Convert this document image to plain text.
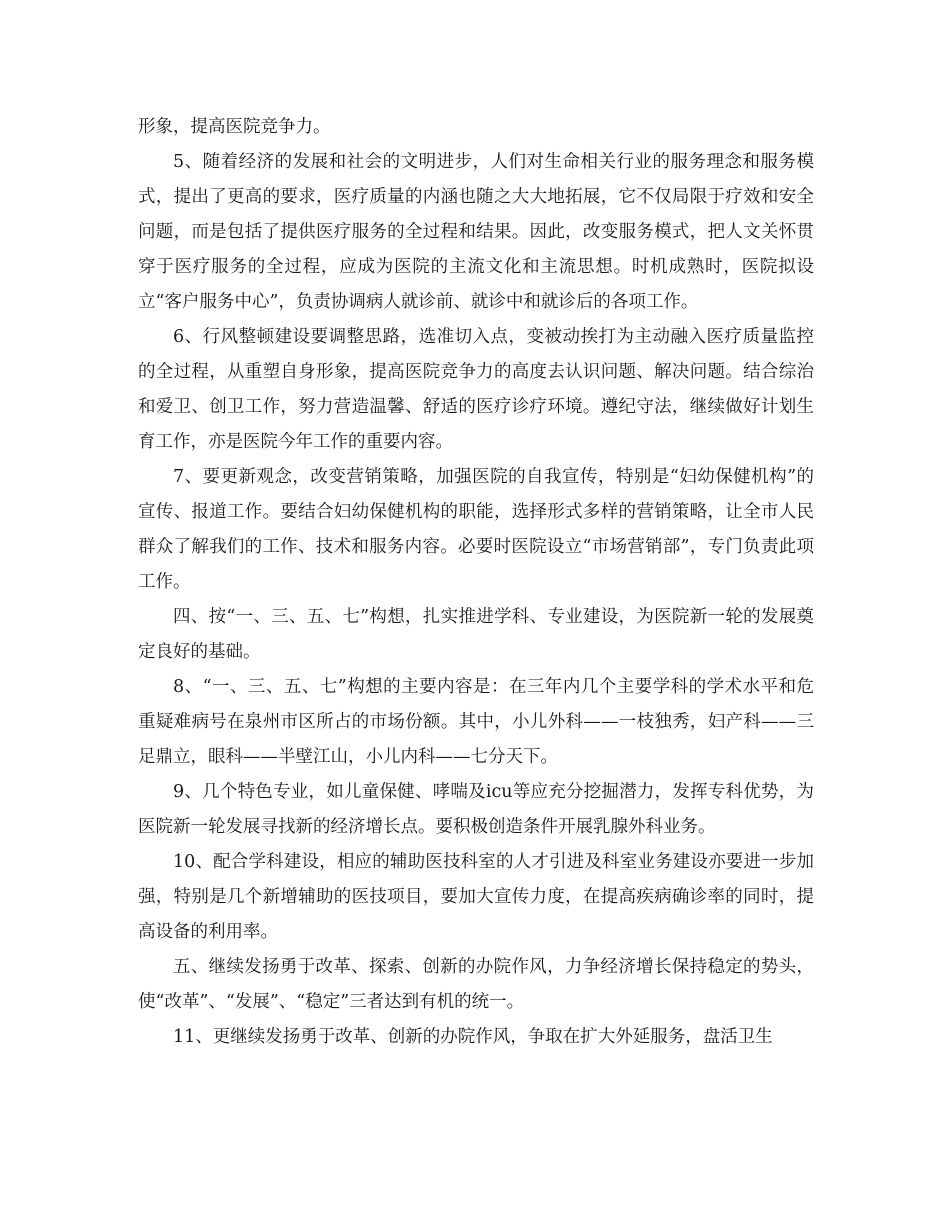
形象，提高医院竞争力。

5、随着经济的发展和社会的文明进步，人们对生命相关行业的服务理念和服务模式，提出了更高的要求，医疗质量的内涵也随之大大地拓展，它不仅局限于疗效和安全问题，而是包括了提供医疗服务的全过程和结果。因此，改变服务模式，把人文关怀贯穿于医疗服务的全过程，应成为医院的主流文化和主流思想。时机成熟时，医院拟设立“客户服务中心”，负责协调病人就诊前、就诊中和就诊后的各项工作。

6、行风整顿建设要调整思路，选准切入点，变被动挨打为主动融入医疗质量监控的全过程，从重塑自身形象，提高医院竞争力的高度去认识问题、解决问题。结合综治和爱卫、创卫工作，努力营造温馨、舒适的医疗诊疗环境。遵纪守法，继续做好计划生育工作，亦是医院今年工作的重要内容。

7、要更新观念，改变营销策略，加强医院的自我宣传，特别是“妇幼保健机构”的宣传、报道工作。要结合妇幼保健机构的职能，选择形式多样的营销策略，让全市人民群众了解我们的工作、技术和服务内容。必要时医院设立“市场营销部”，专门负责此项工作。

四、按“一、三、五、七”构想，扎实推进学科、专业建设，为医院新一轮的发展奠定良好的基础。

8、“一、三、五、七”构想的主要内容是：在三年内几个主要学科的学术水平和危重疑难病号在泉州市区所占的市场份额。其中，小儿外科——一枝独秀，妇产科——三足鼎立，眼科——半壁江山，小儿内科——七分天下。

9、几个特色专业，如儿童保健、哮喘及icu等应充分挖掘潜力，发挥专科优势，为医院新一轮发展寻找新的经济增长点。要积极创造条件开展乳腺外科业务。

10、配合学科建设，相应的辅助医技科室的人才引进及科室业务建设亦要进一步加强，特别是几个新增辅助的医技项目，要加大宣传力度，在提高疾病确诊率的同时，提高设备的利用率。

五、继续发扬勇于改革、探索、创新的办院作风，力争经济增长保持稳定的势头，使“改革”、“发展”、“稳定”三者达到有机的统一。

11、更继续发扬勇于改革、创新的办院作风，争取在扩大外延服务，盘活卫生
